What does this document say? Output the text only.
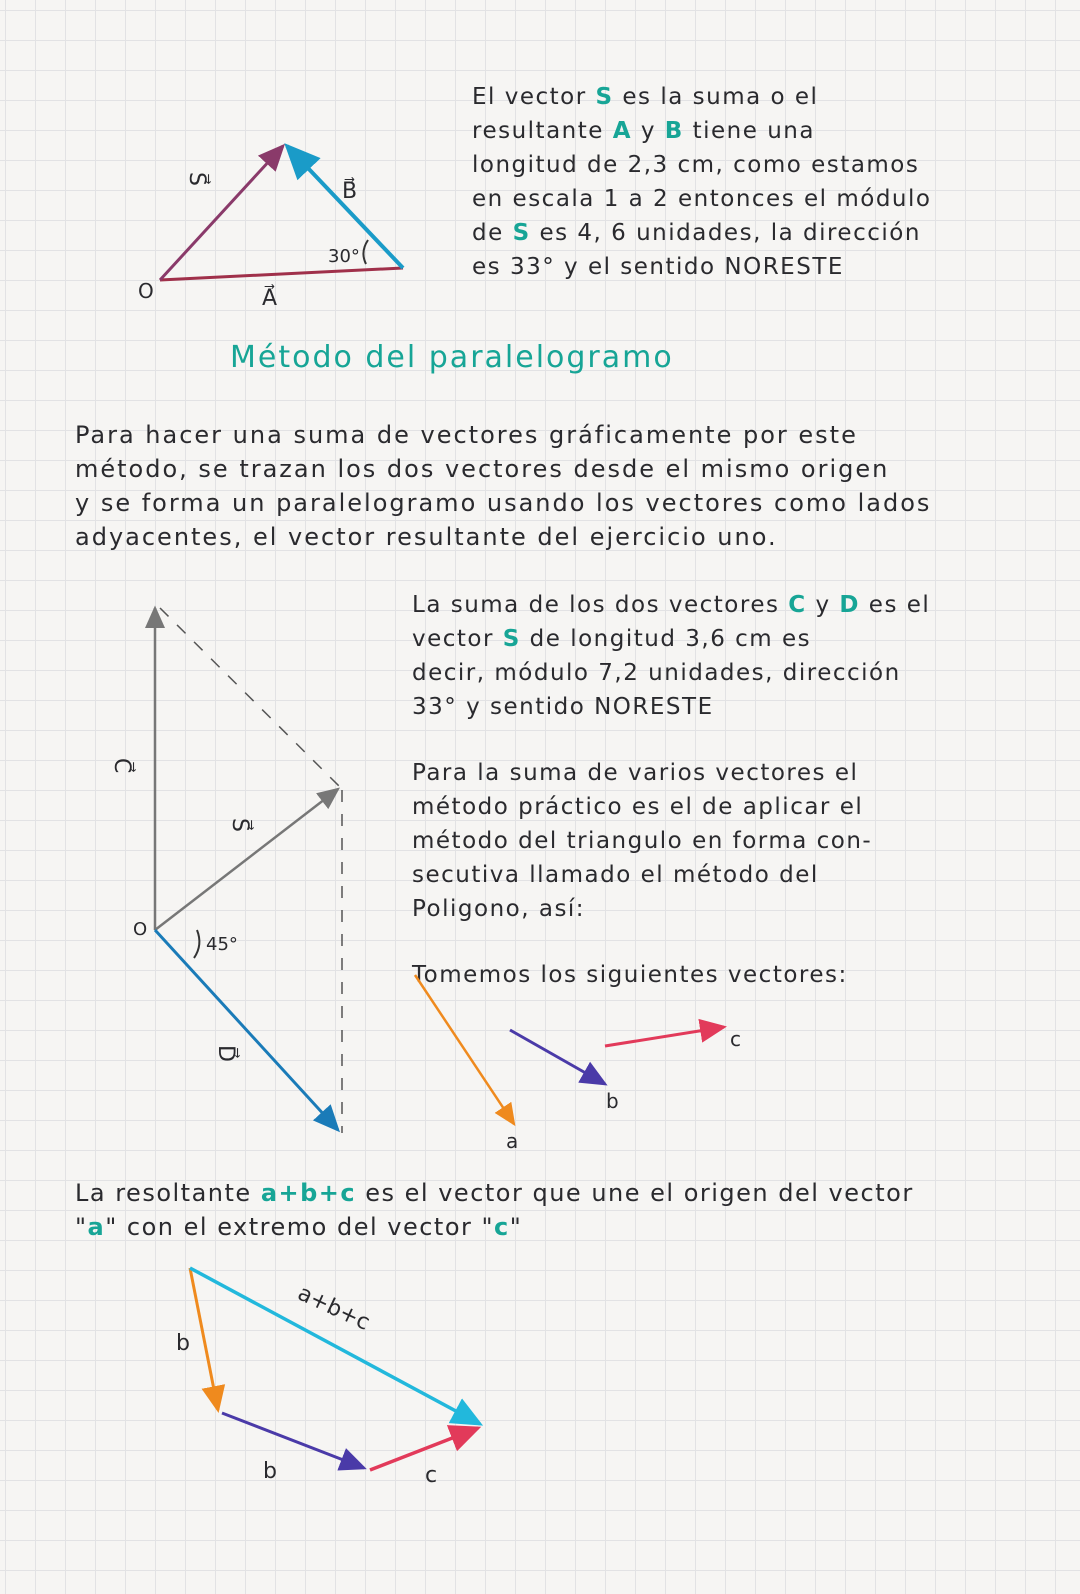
El vector S es la suma o el
resultante A y B tiene una
longitud de 2,3 cm, como estamos
en escala 1 a 2 entonces el módulo
de S es 4, 6 unidades, la dirección
es 33° y el sentido NORESTE
Método del paralelogramo
Para hacer una suma de vectores gráficamente por este
método, se trazan los dos vectores desde el mismo origen
y se forma un paralelogramo usando los vectores como lados
adyacentes, el vector resultante del ejercicio uno.
La suma de los dos vectores C y D es el
vector S de longitud 3,6 cm es
decir, módulo 7,2 unidades, dirección
33° y sentido NORESTE
Para la suma de varios vectores el
método práctico es el de aplicar el
método del triangulo en forma con-
secutiva llamado el método del
Poligono, así:
Tomemos los siguientes vectores:
La resoltante a+b+c es el vector que une el origen del vector
"a" con el extremo del vector "c"
S⃗
B⃗
A⃗
O
30°
C⃗
S⃗
D⃗
O
45°
a
b
c
b
a+b+c
b	c
